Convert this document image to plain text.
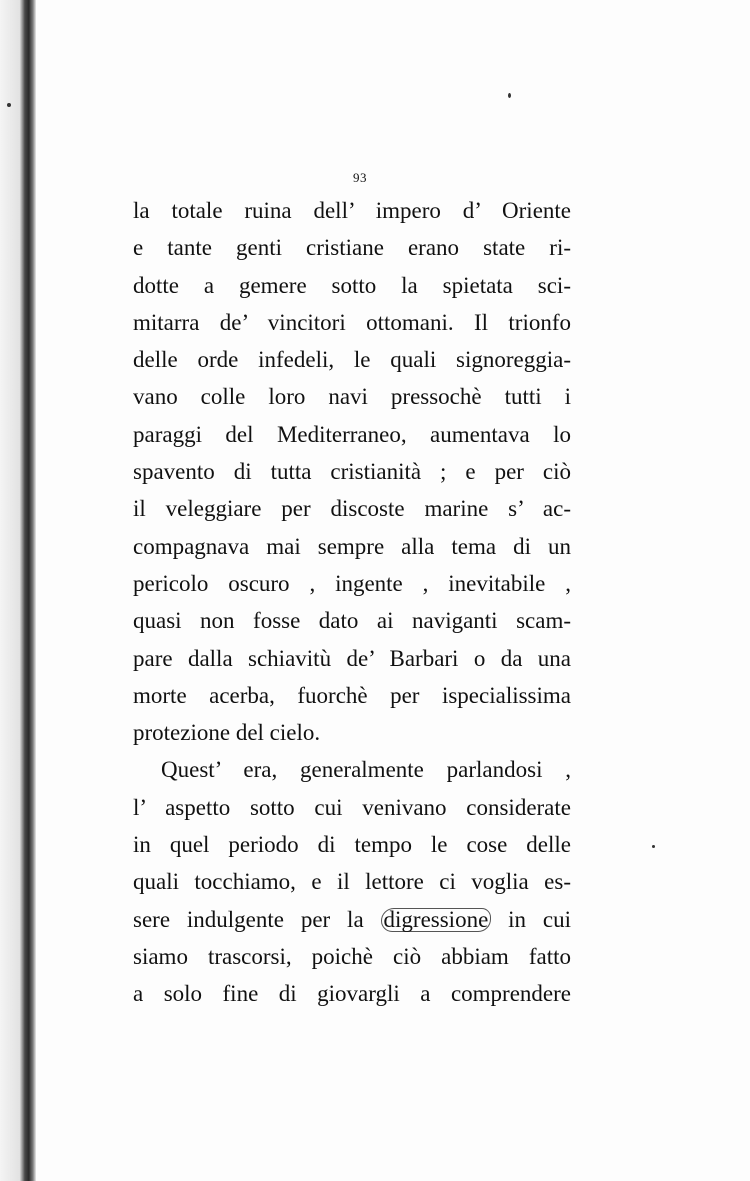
93
la totale ruina dell’ impero d’ Oriente
e tante genti cristiane erano state ri-
dotte a gemere sotto la spietata sci-
mitarra de’ vincitori ottomani. Il trionfo
delle orde infedeli, le quali signoreggia-
vano colle loro navi pressochè tutti i
paraggi del Mediterraneo, aumentava lo
spavento di tutta cristianità ; e per ciò
il veleggiare per discoste marine s’ ac-
compagnava mai sempre alla tema di un
pericolo oscuro , ingente , inevitabile ,
quasi non fosse dato ai naviganti scam-
pare dalla schiavitù de’ Barbari o da una
morte acerba, fuorchè per ispecialissima
protezione del cielo.
Quest’ era, generalmente parlandosi ,
l’ aspetto sotto cui venivano considerate
in quel periodo di tempo le cose delle
quali tocchiamo, e il lettore ci voglia es-
sere indulgente per la digressione in cui
siamo trascorsi, poichè ciò abbiam fatto
a solo fine di giovargli a comprendere
